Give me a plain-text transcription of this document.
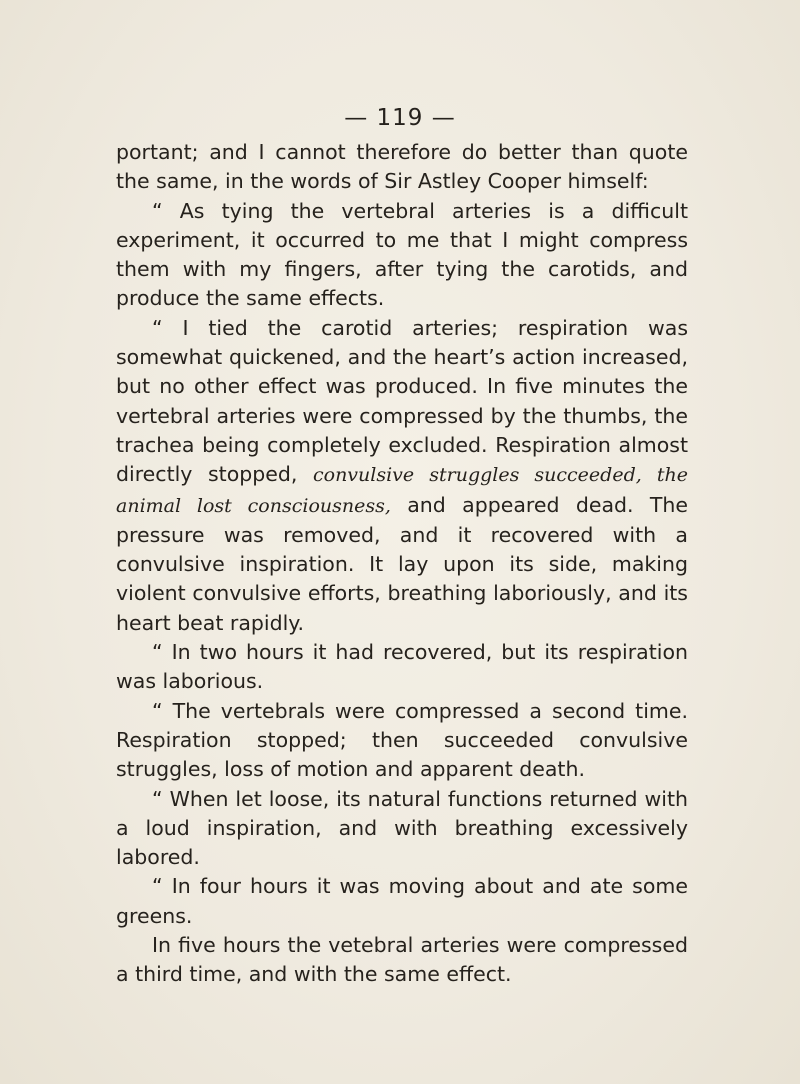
— 119 —

portant; and I cannot therefore do better than quote the same, in the words of Sir Astley Cooper himself:

“ As tying the vertebral arteries is a difficult experiment, it occurred to me that I might compress them with my fingers, after tying the carotids, and produce the same effects.

“ I tied the carotid arteries; respiration was somewhat quickened, and the heart’s action increased, but no other effect was produced. In five minutes the vertebral arteries were compressed by the thumbs, the trachea being completely excluded. Respiration almost directly stopped, convulsive struggles succeeded, the animal lost consciousness, and appeared dead. The pressure was removed, and it recovered with a convulsive inspiration. It lay upon its side, making violent convulsive efforts, breathing laboriously, and its heart beat rapidly.

“ In two hours it had recovered, but its respiration was laborious.

“ The vertebrals were compressed a second time. Respiration stopped; then succeeded convulsive struggles, loss of motion and apparent death.

“ When let loose, its natural functions returned with a loud inspiration, and with breathing excessively labored.

“ In four hours it was moving about and ate some greens.

In five hours the vetebral arteries were compressed a third time, and with the same effect.
